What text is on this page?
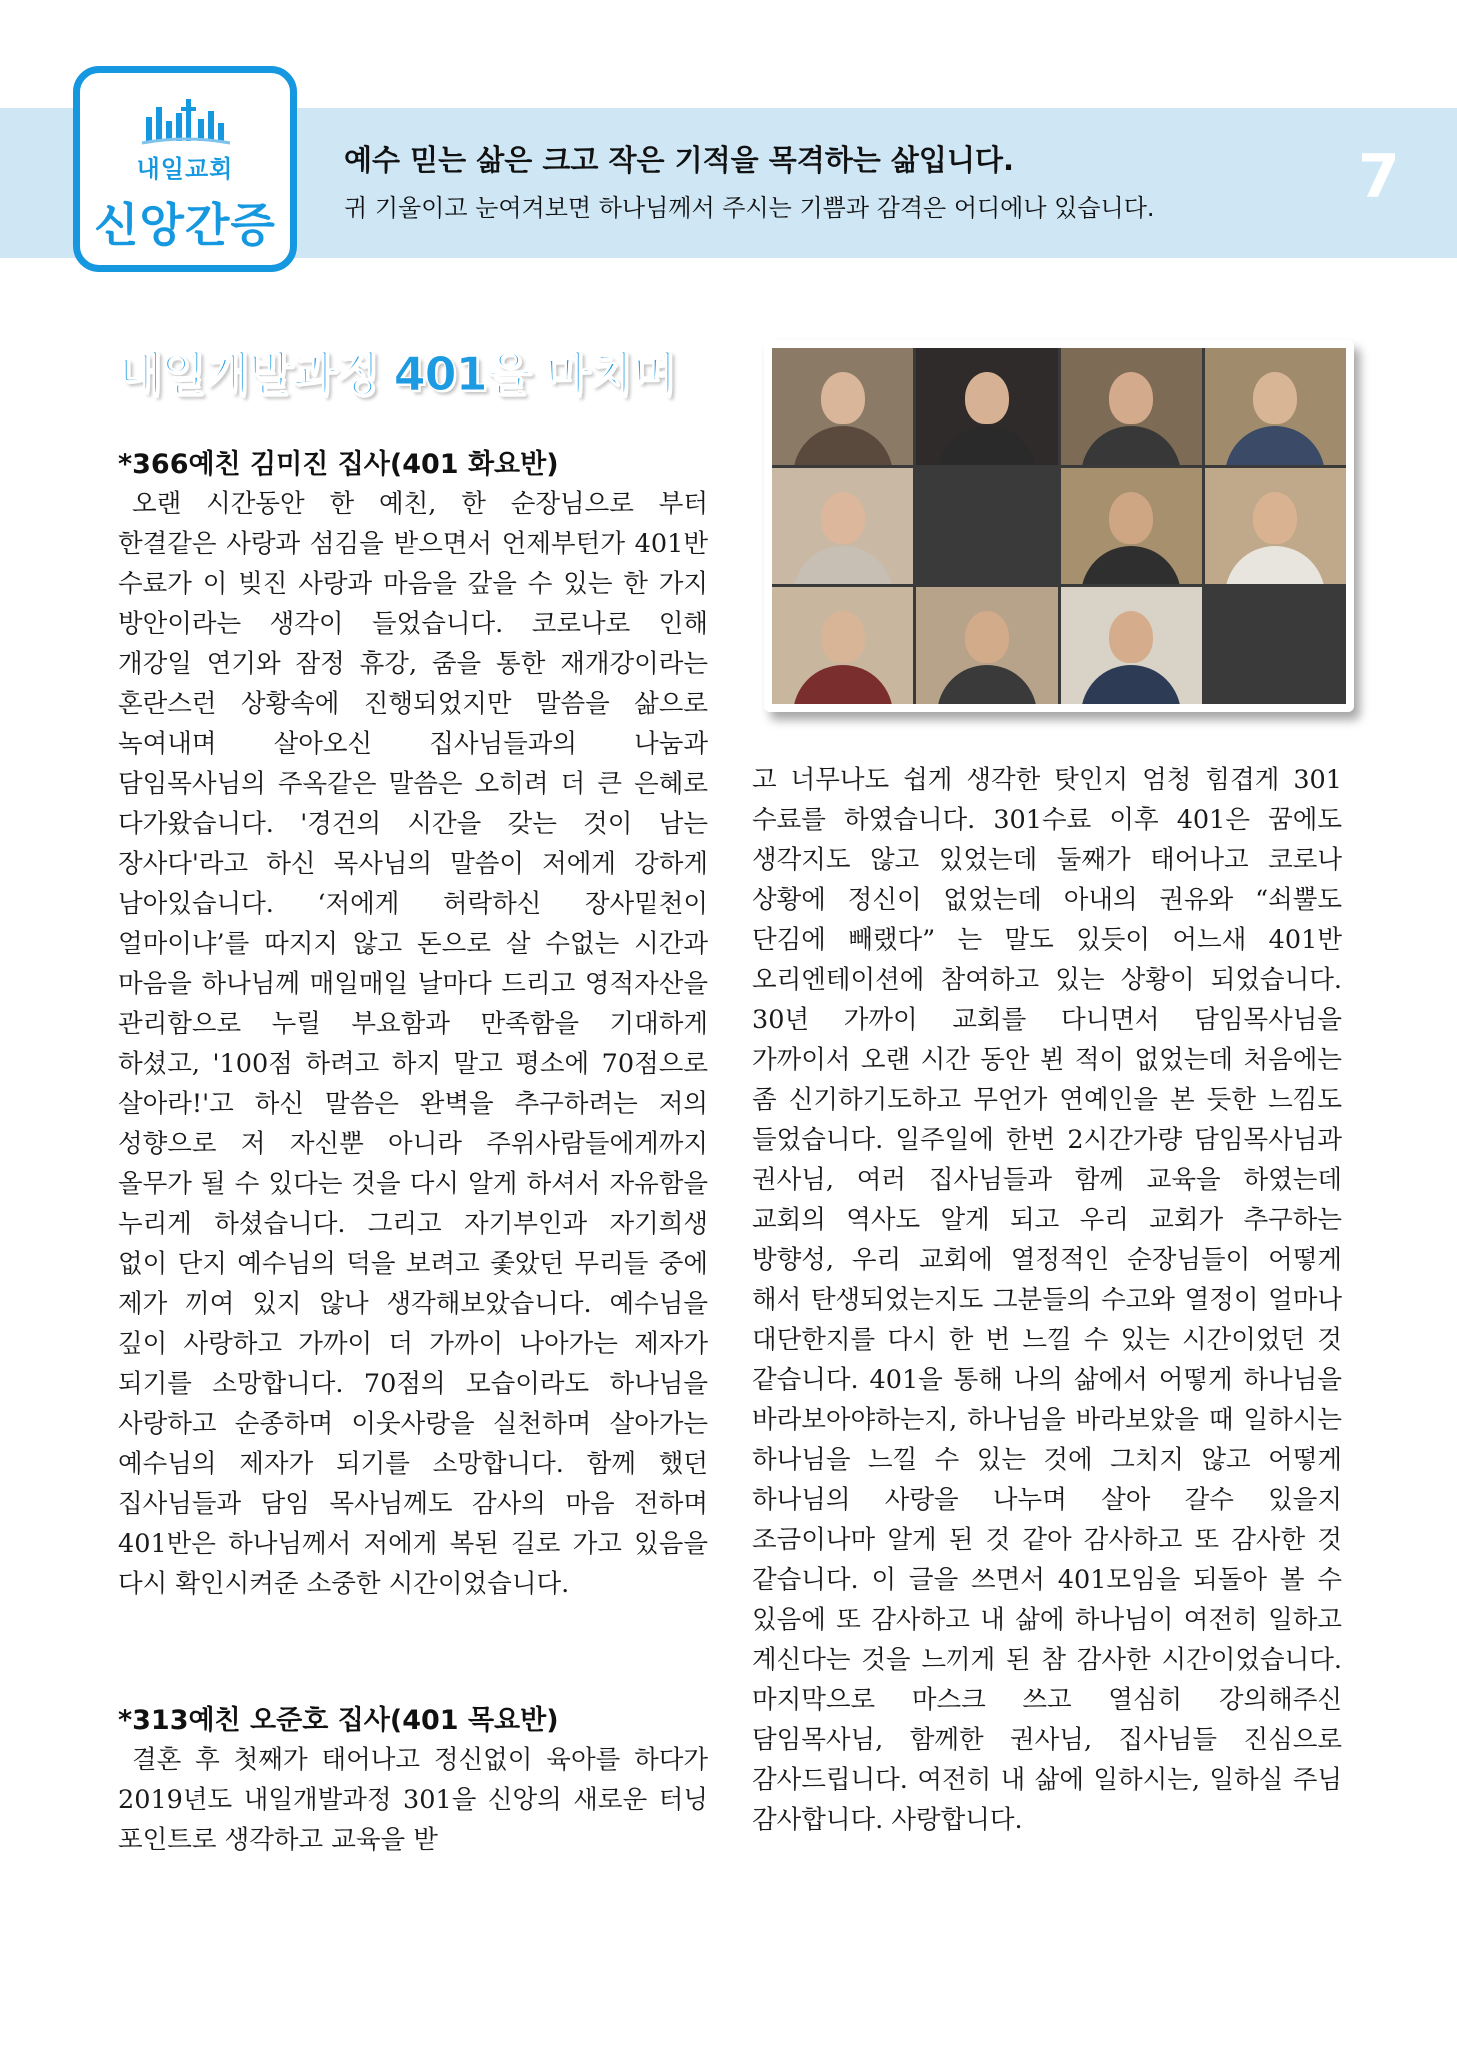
내일교회
신앙간증
예수 믿는 삶은 크고 작은 기적을 목격하는 삶입니다.
귀 기울이고 눈여겨보면 하나님께서 주시는 기쁨과 감격은 어디에나 있습니다.	7
내일개발과정 401을 마치며

*366예친 김미진 집사(401 화요반)

오랜 시간동안 한 예친, 한 순장님으로 부터 한결같은 사랑과 섬김을 받으면서 언제부턴가 401반 수료가 이 빚진 사랑과 마음을 갚을 수 있는 한 가지 방안이라는 생각이 들었습니다. 코로나로 인해 개강일 연기와 잠정 휴강, 줌을 통한 재개강이라는 혼란스런 상황속에 진행되었지만 말씀을 삶으로 녹여내며 살아오신 집사님들과의 나눔과 담임목사님의 주옥같은 말씀은 오히려 더 큰 은혜로 다가왔습니다. '경건의 시간을 갖는 것이 남는 장사다'라고 하신 목사님의 말씀이 저에게 강하게 남아있습니다. ‘저에게 허락하신 장사밑천이 얼마이냐’를 따지지 않고 돈으로 살 수없는 시간과 마음을 하나님께 매일매일 날마다 드리고 영적자산을 관리함으로 누릴 부요함과 만족함을 기대하게 하셨고, '100점 하려고 하지 말고 평소에 70점으로 살아라!'고 하신 말씀은 완벽을 추구하려는 저의 성향으로 저 자신뿐 아니라 주위사람들에게까지 올무가 될 수 있다는 것을 다시 알게 하셔서 자유함을 누리게 하셨습니다. 그리고 자기부인과 자기희생 없이 단지 예수님의 덕을 보려고 좇았던 무리들 중에 제가 끼여 있지 않나 생각해보았습니다. 예수님을 깊이 사랑하고 가까이 더 가까이 나아가는 제자가 되기를 소망합니다. 70점의 모습이라도 하나님을 사랑하고 순종하며 이웃사랑을 실천하며 살아가는 예수님의 제자가 되기를 소망합니다. 함께 했던 집사님들과 담임 목사님께도 감사의 마음 전하며 401반은 하나님께서 저에게 복된 길로 가고 있음을 다시 확인시켜준 소중한 시간이었습니다.

*313예친 오준호 집사(401 목요반)

결혼 후 첫째가 태어나고 정신없이 육아를 하다가 2019년도 내일개발과정 301을 신앙의 새로운 터닝 포인트로 생각하고 교육을 받

고 너무나도 쉽게 생각한 탓인지 엄청 힘겹게 301 수료를 하였습니다. 301수료 이후 401은 꿈에도 생각지도 않고 있었는데 둘째가 태어나고 코로나 상황에 정신이 없었는데 아내의 권유와 “쇠뿔도 단김에 빼랬다” 는 말도 있듯이 어느새 401반 오리엔테이션에 참여하고 있는 상황이 되었습니다. 30년 가까이 교회를 다니면서 담임목사님을 가까이서 오랜 시간 동안 뵌 적이 없었는데 처음에는 좀 신기하기도하고 무언가 연예인을 본 듯한 느낌도 들었습니다. 일주일에 한번 2시간가량 담임목사님과 권사님, 여러 집사님들과 함께 교육을 하였는데 교회의 역사도 알게 되고 우리 교회가 추구하는 방향성, 우리 교회에 열정적인 순장님들이 어떻게 해서 탄생되었는지도 그분들의 수고와 열정이 얼마나 대단한지를 다시 한 번 느낄 수 있는 시간이었던 것 같습니다. 401을 통해 나의 삶에서 어떻게 하나님을 바라보아야하는지, 하나님을 바라보았을 때 일하시는 하나님을 느낄 수 있는 것에 그치지 않고 어떻게 하나님의 사랑을 나누며 살아 갈수 있을지 조금이나마 알게 된 것 같아 감사하고 또 감사한 것 같습니다. 이 글을 쓰면서 401모임을 되돌아 볼 수 있음에 또 감사하고 내 삶에 하나님이 여전히 일하고 계신다는 것을 느끼게 된 참 감사한 시간이었습니다. 마지막으로 마스크 쓰고 열심히 강의해주신 담임목사님, 함께한 권사님, 집사님들 진심으로 감사드립니다. 여전히 내 삶에 일하시는, 일하실 주님 감사합니다. 사랑합니다.
